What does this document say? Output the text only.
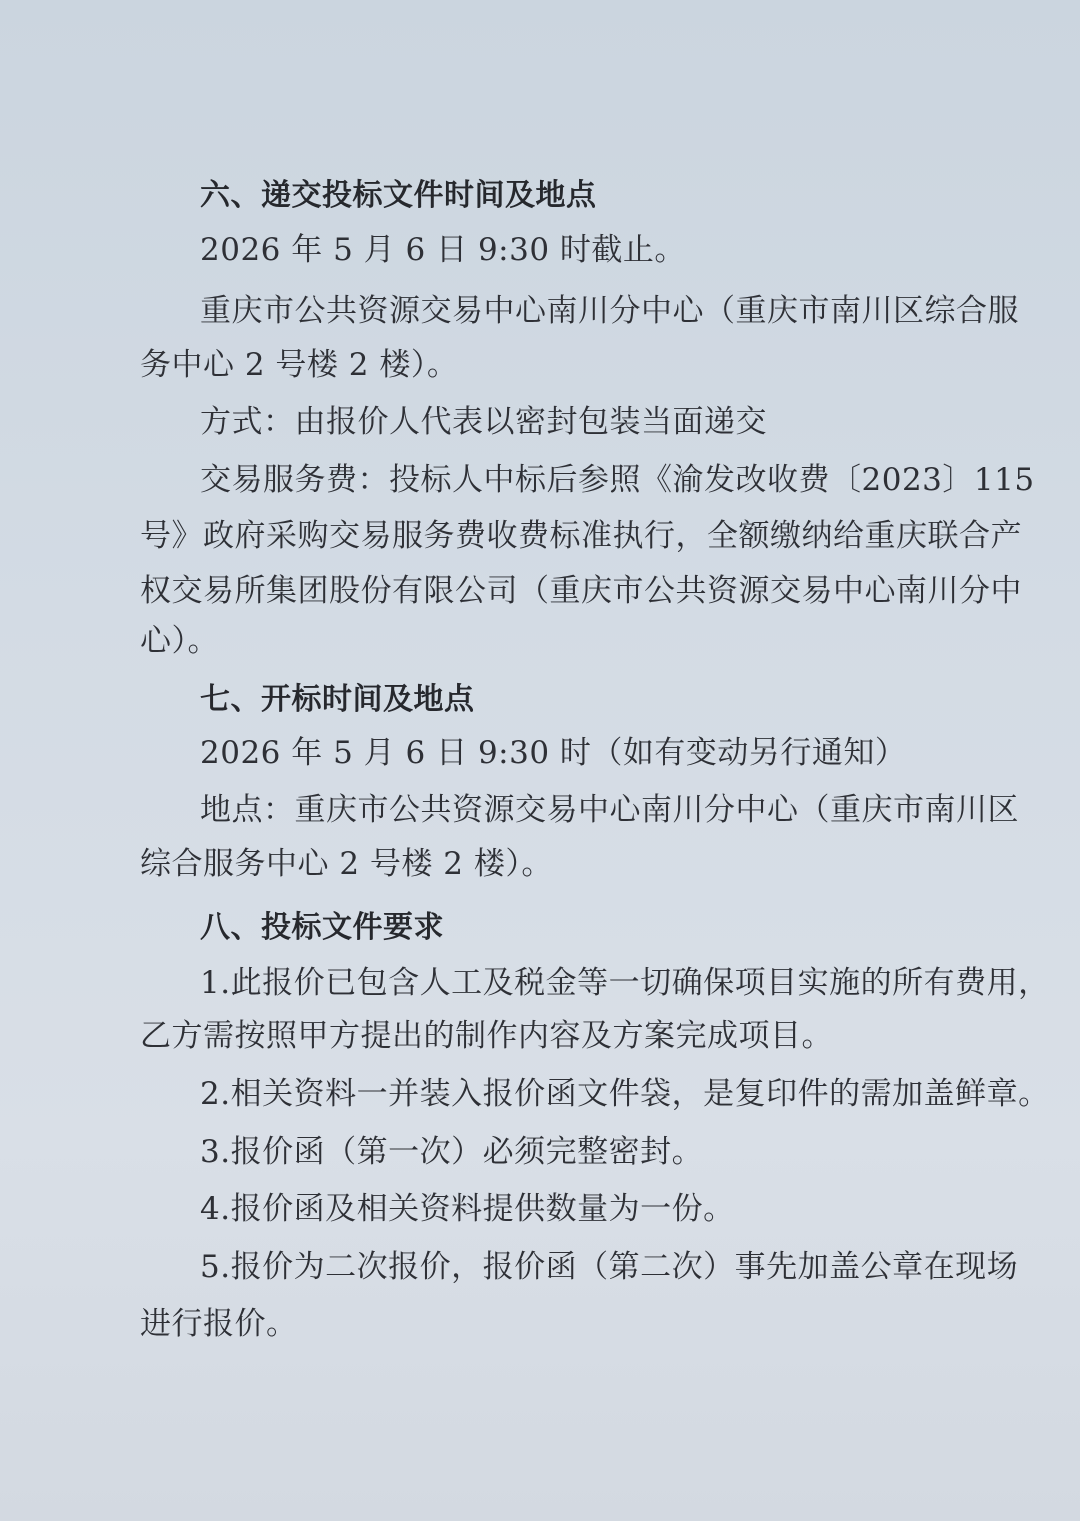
六、递交投标文件时间及地点
2026 年 5 月 6 日 9:30 时截止。
重庆市公共资源交易中心南川分中心（重庆市南川区综合服
务中心 2 号楼 2 楼）。
方式：由报价人代表以密封包装当面递交
交易服务费：投标人中标后参照《渝发改收费〔2023〕115
号》政府采购交易服务费收费标准执行，全额缴纳给重庆联合产
权交易所集团股份有限公司（重庆市公共资源交易中心南川分中
心）。
七、开标时间及地点
2026 年 5 月 6 日 9:30 时（如有变动另行通知）
地点：重庆市公共资源交易中心南川分中心（重庆市南川区
综合服务中心 2 号楼 2 楼）。
八、投标文件要求
1.此报价已包含人工及税金等一切确保项目实施的所有费用，
乙方需按照甲方提出的制作内容及方案完成项目。
2.相关资料一并装入报价函文件袋，是复印件的需加盖鲜章。
3.报价函（第一次）必须完整密封。
4.报价函及相关资料提供数量为一份。
5.报价为二次报价，报价函（第二次）事先加盖公章在现场
进行报价。
